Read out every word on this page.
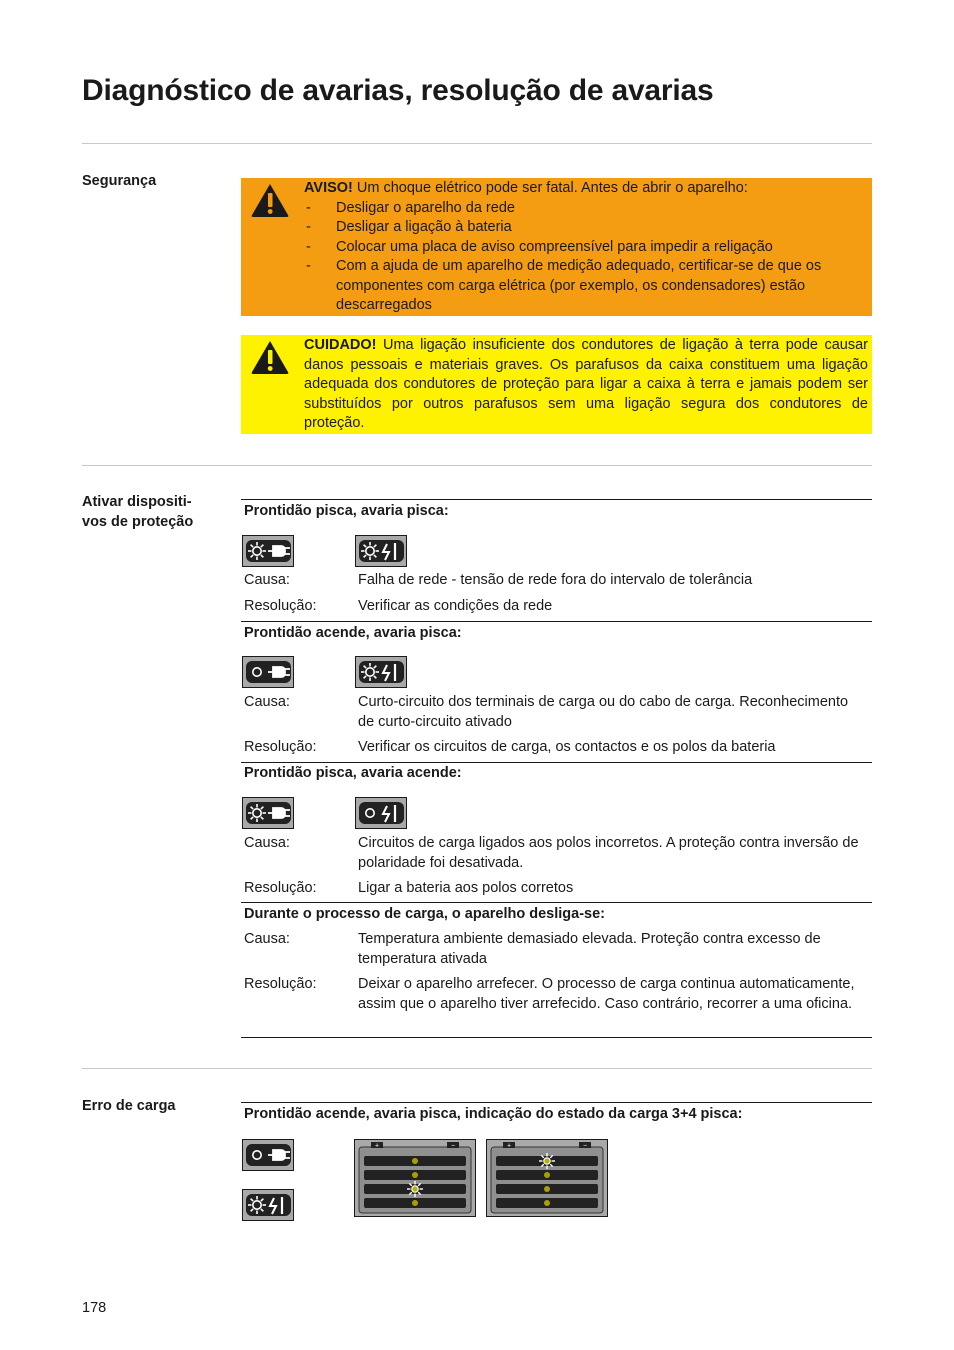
Diagnóstico de avarias, resolução de avarias
Segurança	AVISO! Um choque elétrico pode ser fatal. Antes de abrir o aparelho:
- Desligar o aparelho da rede
- Desligar a ligação à bateria
- Colocar uma placa de aviso compreensível para impedir a religação
- Com a ajuda de um aparelho de medição adequado, certificar-se de que os componentes com carga elétrica (por exemplo, os condensadores) estão descarregados
CUIDADO! Uma ligação insuficiente dos condutores de ligação à terra pode causar danos pessoais e materiais graves. Os parafusos da caixa constituem uma ligação adequada dos condutores de proteção para ligar a caixa à terra e jamais podem ser substituídos por outros parafusos sem uma ligação segura dos condutores de proteção.
Ativar dispositi-
vos de proteção
Prontidão pisca, avaria pisca:
Causa:	Falha de rede - tensão de rede fora do intervalo de tolerância
Resolução:	Verificar as condições da rede
Prontidão acende, avaria pisca:
Causa:	Curto-circuito dos terminais de carga ou do cabo de carga. Reconhecimento de curto-circuito ativado
Resolução:	Verificar os circuitos de carga, os contactos e os polos da bateria
Prontidão pisca, avaria acende:
Causa:	Circuitos de carga ligados aos polos incorretos. A proteção contra inversão de polaridade foi desativada.
Resolução:	Ligar a bateria aos polos corretos
Durante o processo de carga, o aparelho desliga-se:
Causa:	Temperatura ambiente demasiado elevada. Proteção contra excesso de temperatura ativada
Resolução:	Deixar o aparelho arrefecer. O processo de carga continua automaticamente, assim que o aparelho tiver arrefecido. Caso contrário, recorrer a uma oficina.
Erro de carga	Prontidão acende, avaria pisca, indicação do estado da carga 3+4 pisca:
+	−	+	−
178
